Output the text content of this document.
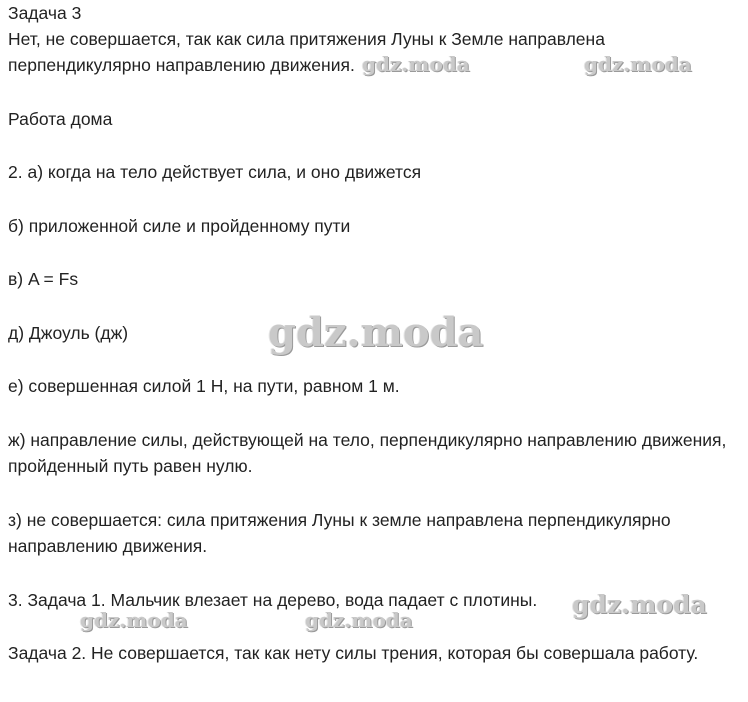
Задача 3
Нет, не совершается, так как сила притяжения Луны к Земле направлена
перпендикулярно направлению движения.
Работа дома
2. а) когда на тело действует сила, и оно движется
б) приложенной силе и пройденному пути
в) A = Fs
д) Джоуль (дж)
е) совершенная силой 1 Н, на пути, равном 1 м.
ж) направление силы, действующей на тело, перпендикулярно направлению движения,
пройденный путь равен нулю.
з) не совершается: сила притяжения Луны к земле направлена перпендикулярно
направлению движения.
3. Задача 1. Мальчик влезает на дерево, вода падает с плотины.
Задача 2. Не совершается, так как нету силы трения, которая бы совершала работу.
gdz.moda	gdz.moda
gdz.moda
gdz.moda
gdz.moda	gdz.moda
